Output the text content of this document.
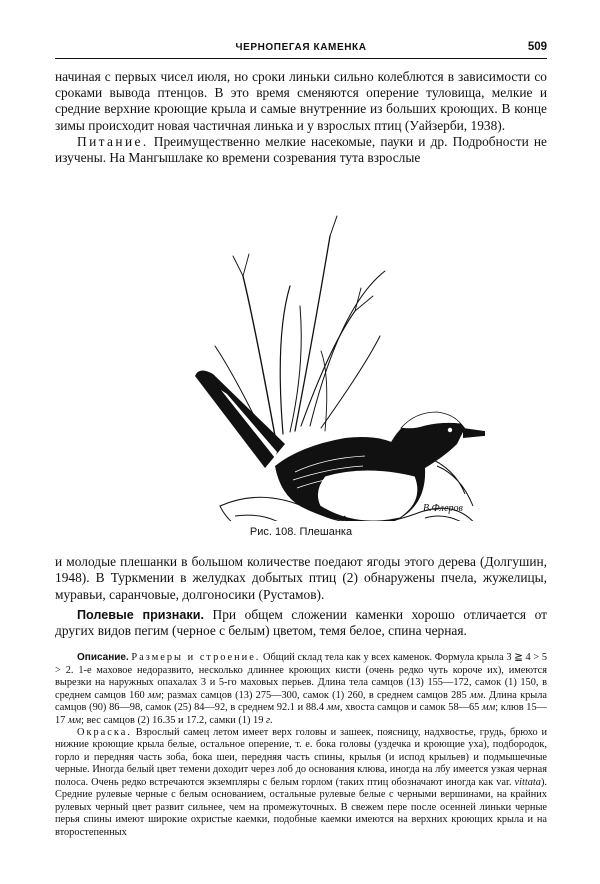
ЧЕРНОПЕГАЯ КАМЕНКА	509

начиная с первых чисел июля, но сроки линьки сильно колеблются в зависимости со сроками вывода птенцов. В это время сменяются оперение туловища, мелкие и средние верхние кроющие крыла и самые внутренние из больших кроющих. В конце зимы происходит новая частичная линька и у взрослых птиц (Уайзерби, 1938).

Питание. Преимущественно мелкие насекомые, пауки и др. Подробности не изучены. На Мангышлаке ко времени созревания тута взрослые

В.Флеров
Рис. 108. Плешанка

и молодые плешанки в большом количестве поедают ягоды этого дерева (Долгушин, 1948). В Туркмении в желудках добытых птиц (2) обнаружены пчела, жужелицы, муравьи, саранчовые, долгоносики (Рустамов).

Полевые признаки. При общем сложении каменки хорошо отличается от других видов пегим (черное с белым) цветом, темя белое, спина черная.

Описание. Размеры и строение. Общий склад тела как у всех каменок. Формула крыла 3 ≧ 4 > 5 > 2. 1-е маховое недоразвито, несколько длиннее кроющих кисти (очень редко чуть короче их), имеются вырезки на наружных опахалах 3 и 5-го маховых перьев. Длина тела самцов (13) 155—172, самок (1) 150, в среднем самцов 160 мм; размах самцов (13) 275—300, самок (1) 260, в среднем самцов 285 мм. Длина крыла самцов (90) 86—98, самок (25) 84—92, в среднем 92.1 и 88.4 мм, хвоста самцов и самок 58—65 мм; клюв 15—17 мм; вес самцов (2) 16.35 и 17.2, самки (1) 19 г.

Окраска. Взрослый самец летом имеет верх головы и зашеек, поясницу, надхвостье, грудь, брюхо и нижние кроющие крыла белые, остальное оперение, т. е. бока головы (уздечка и кроющие уха), подбородок, горло и передняя часть зоба, бока шеи, передняя часть спины, крылья (и испод крыльев) и подмышечные черные. Иногда белый цвет темени доходит через лоб до основания клюва, иногда на лбу имеется узкая черная полоса. Очень редко встречаются экземпляры с белым горлом (таких птиц обозначают иногда как var. vittata). Средние рулевые черные с белым основанием, остальные рулевые белые с черными вершинами, на крайних рулевых черный цвет развит сильнее, чем на промежуточных. В свежем пере после осенней линьки черные перья спины имеют широкие охристые каемки, подобные каемки имеются на верхних кроющих крыла и на второстепенных
